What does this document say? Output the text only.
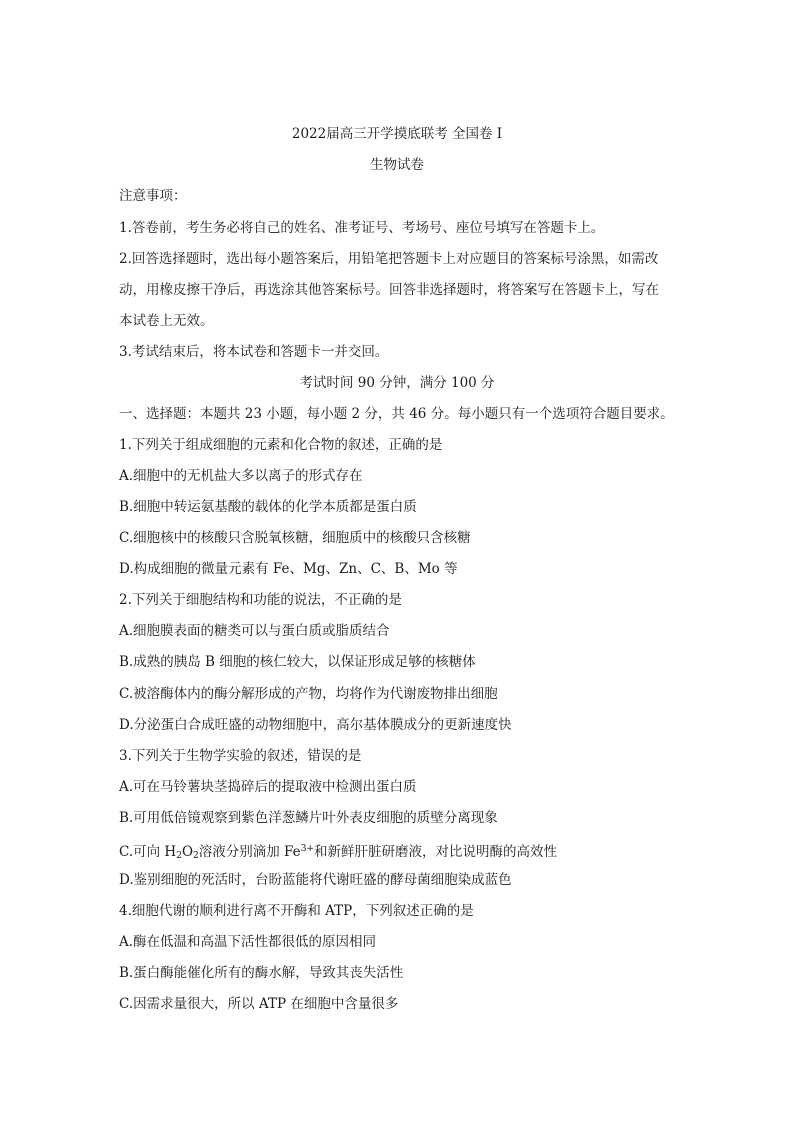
2022届高三开学摸底联考 全国卷 I
生物试卷
注意事项：
1.答卷前，考生务必将自己的姓名、准考证号、考场号、座位号填写在答题卡上。
2.回答选择题时，选出每小题答案后，用铅笔把答题卡上对应题目的答案标号涂黑，如需改
动，用橡皮擦干净后，再选涂其他答案标号。回答非选择题时，将答案写在答题卡上，写在
本试卷上无效。
3.考试结束后，将本试卷和答题卡一并交回。
考试时间 90 分钟，满分 100 分
一、选择题：本题共 23 小题，每小题 2 分，共 46 分。每小题只有一个选项符合题目要求。
1.下列关于组成细胞的元素和化合物的叙述，正确的是
A.细胞中的无机盐大多以离子的形式存在
B.细胞中转运氨基酸的载体的化学本质都是蛋白质
C.细胞核中的核酸只含脱氧核糖，细胞质中的核酸只含核糖
D.构成细胞的微量元素有 Fe、Mg、Zn、C、B、Mo 等
2.下列关于细胞结构和功能的说法，不正确的是
A.细胞膜表面的糖类可以与蛋白质或脂质结合
B.成熟的胰岛 B 细胞的核仁较大，以保证形成足够的核糖体
C.被溶酶体内的酶分解形成的产物，均将作为代谢废物排出细胞
D.分泌蛋白合成旺盛的动物细胞中，高尔基体膜成分的更新速度快
3.下列关于生物学实验的叙述，错误的是
A.可在马铃薯块茎捣碎后的提取液中检测出蛋白质
B.可用低倍镜观察到紫色洋葱鳞片叶外表皮细胞的质壁分离现象
C.可向 $H_2O_2$溶液分别滴加 $Fe^{3+}$和新鲜肝脏研磨液，对比说明酶的高效性
D.鉴别细胞的死活时，台盼蓝能将代谢旺盛的酵母菌细胞染成蓝色
4.细胞代谢的顺利进行离不开酶和 ATP，下列叙述正确的是
A.酶在低温和高温下活性都很低的原因相同
B.蛋白酶能催化所有的酶水解，导致其丧失活性
C.因需求量很大，所以 ATP 在细胞中含量很多
